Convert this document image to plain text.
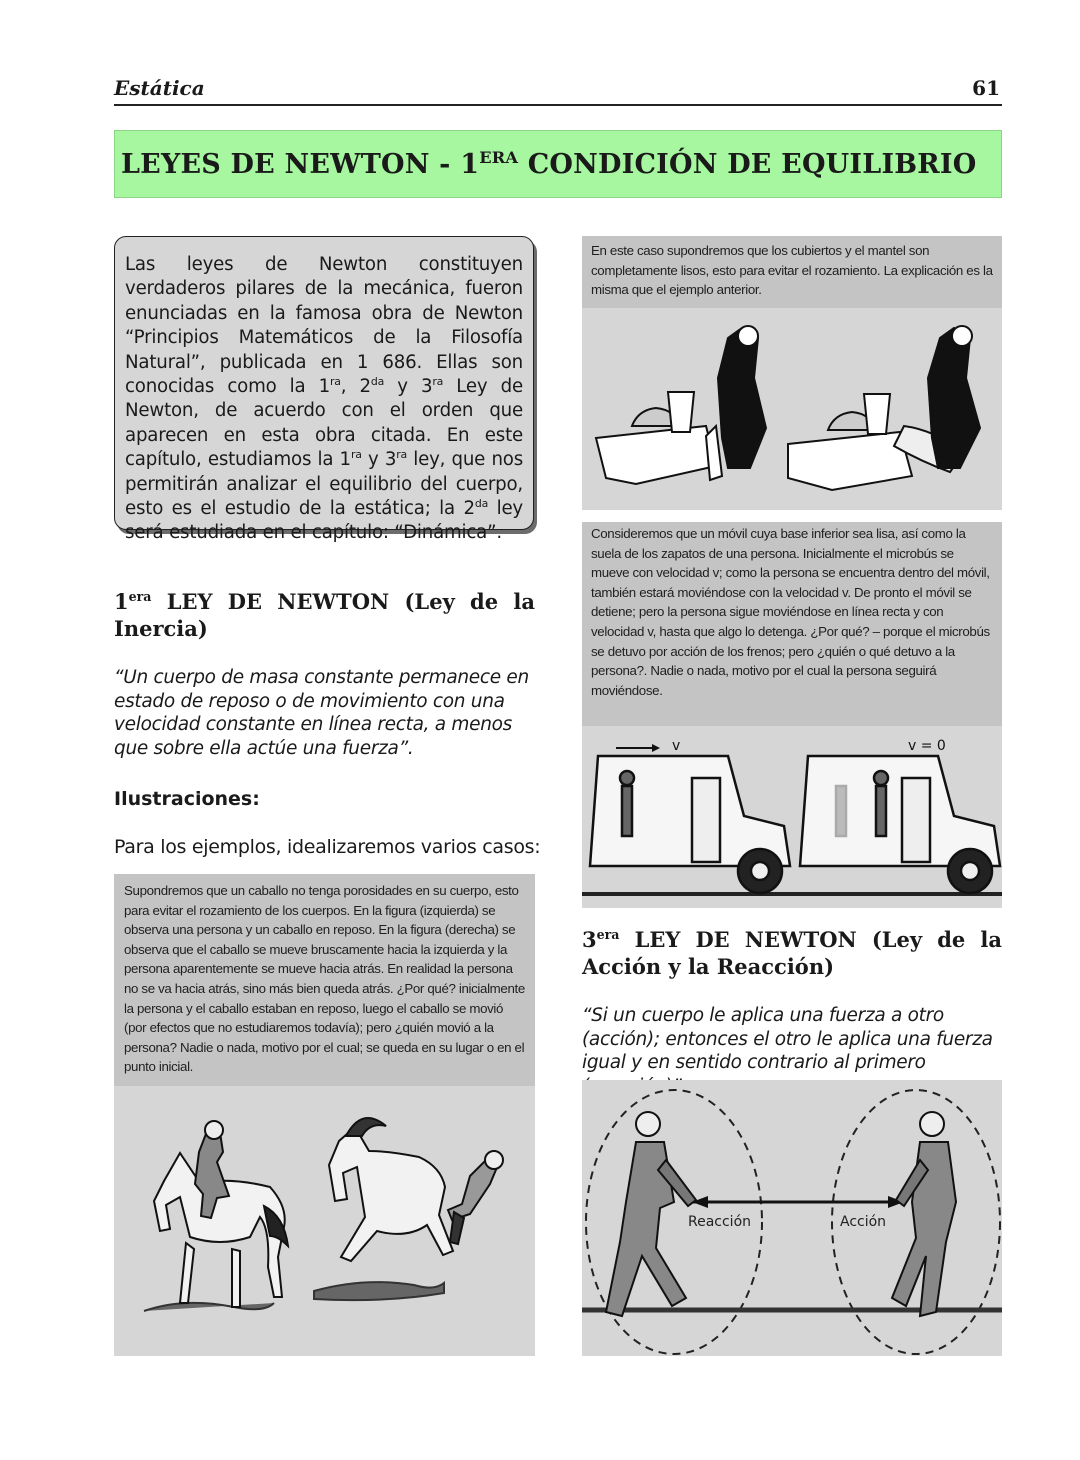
Estática	61
LEYES DE NEWTON - $1^{ERA}$ CONDICIÓN DE EQUILIBRIO
Las leyes de Newton constituyen verdaderos pilares de la mecánica, fueron enunciadas en la famosa obra de Newton “Principios Matemáticos de la Filosofía Natural”, publicada en 1 686. Ellas son conocidas como la $1^{ra}$, $2^{da}$ y $3^{ra}$ Ley de Newton, de acuerdo con el orden que aparecen en esta obra citada. En este capítulo, estudiamos la $1^{ra}$ y $3^{ra}$ ley, que nos permitirán analizar el equilibrio del cuerpo, esto es el estudio de la estática; la $2^{da}$ ley será estudiada en el capítulo: “Dinámica”.
$1^{era}$ LEY DE NEWTON (Ley de la Inercia)
“Un cuerpo de masa constante permanece en estado de reposo o de movimiento con una velocidad constante en línea recta, a menos que sobre ella actúe una fuerza”.
Ilustraciones:
Para los ejemplos, idealizaremos varios casos:
Supondremos que un caballo no tenga porosidades en su cuerpo, esto para evitar el rozamiento de los cuerpos. En la figura (izquierda) se observa una persona y un caballo en reposo. En la figura (derecha) se observa que el caballo se mueve bruscamente hacia la izquierda y la persona aparentemente se mueve hacia atrás. En realidad la persona no se va hacia atrás, sino más bien queda atrás. ¿Por qué? inicialmente la persona y el caballo estaban en reposo, luego el caballo se movió (por efectos que no estudiaremos todavía); pero ¿quién movió a la persona? Nadie o nada, motivo por el cual; se queda en su lugar o en el punto inicial.
En este caso supondremos que los cubiertos y el mantel son completamente lisos, esto para evitar el rozamiento. La explicación es la misma que el ejemplo anterior.
Consideremos que un móvil cuya base inferior sea lisa, así como la suela de los zapatos de una persona. Inicialmente el microbús se mueve con velocidad v; como la persona se encuentra dentro del móvil, también estará moviéndose con la velocidad v. De pronto el móvil se detiene; pero la persona sigue moviéndose en línea recta y con velocidad v, hasta que algo lo detenga. ¿Por qué? – porque el microbús se detuvo por acción de los frenos; pero ¿quién o qué detuvo a la persona?. Nadie o nada, motivo por el cual la persona seguirá moviéndose.
v	v = 0
$3^{era}$ LEY DE NEWTON (Ley de la Acción y la Reacción)
“Si un cuerpo le aplica una fuerza a otro (acción); entonces el otro le aplica una fuerza igual y en sentido contrario al primero
Reacción	Acción
